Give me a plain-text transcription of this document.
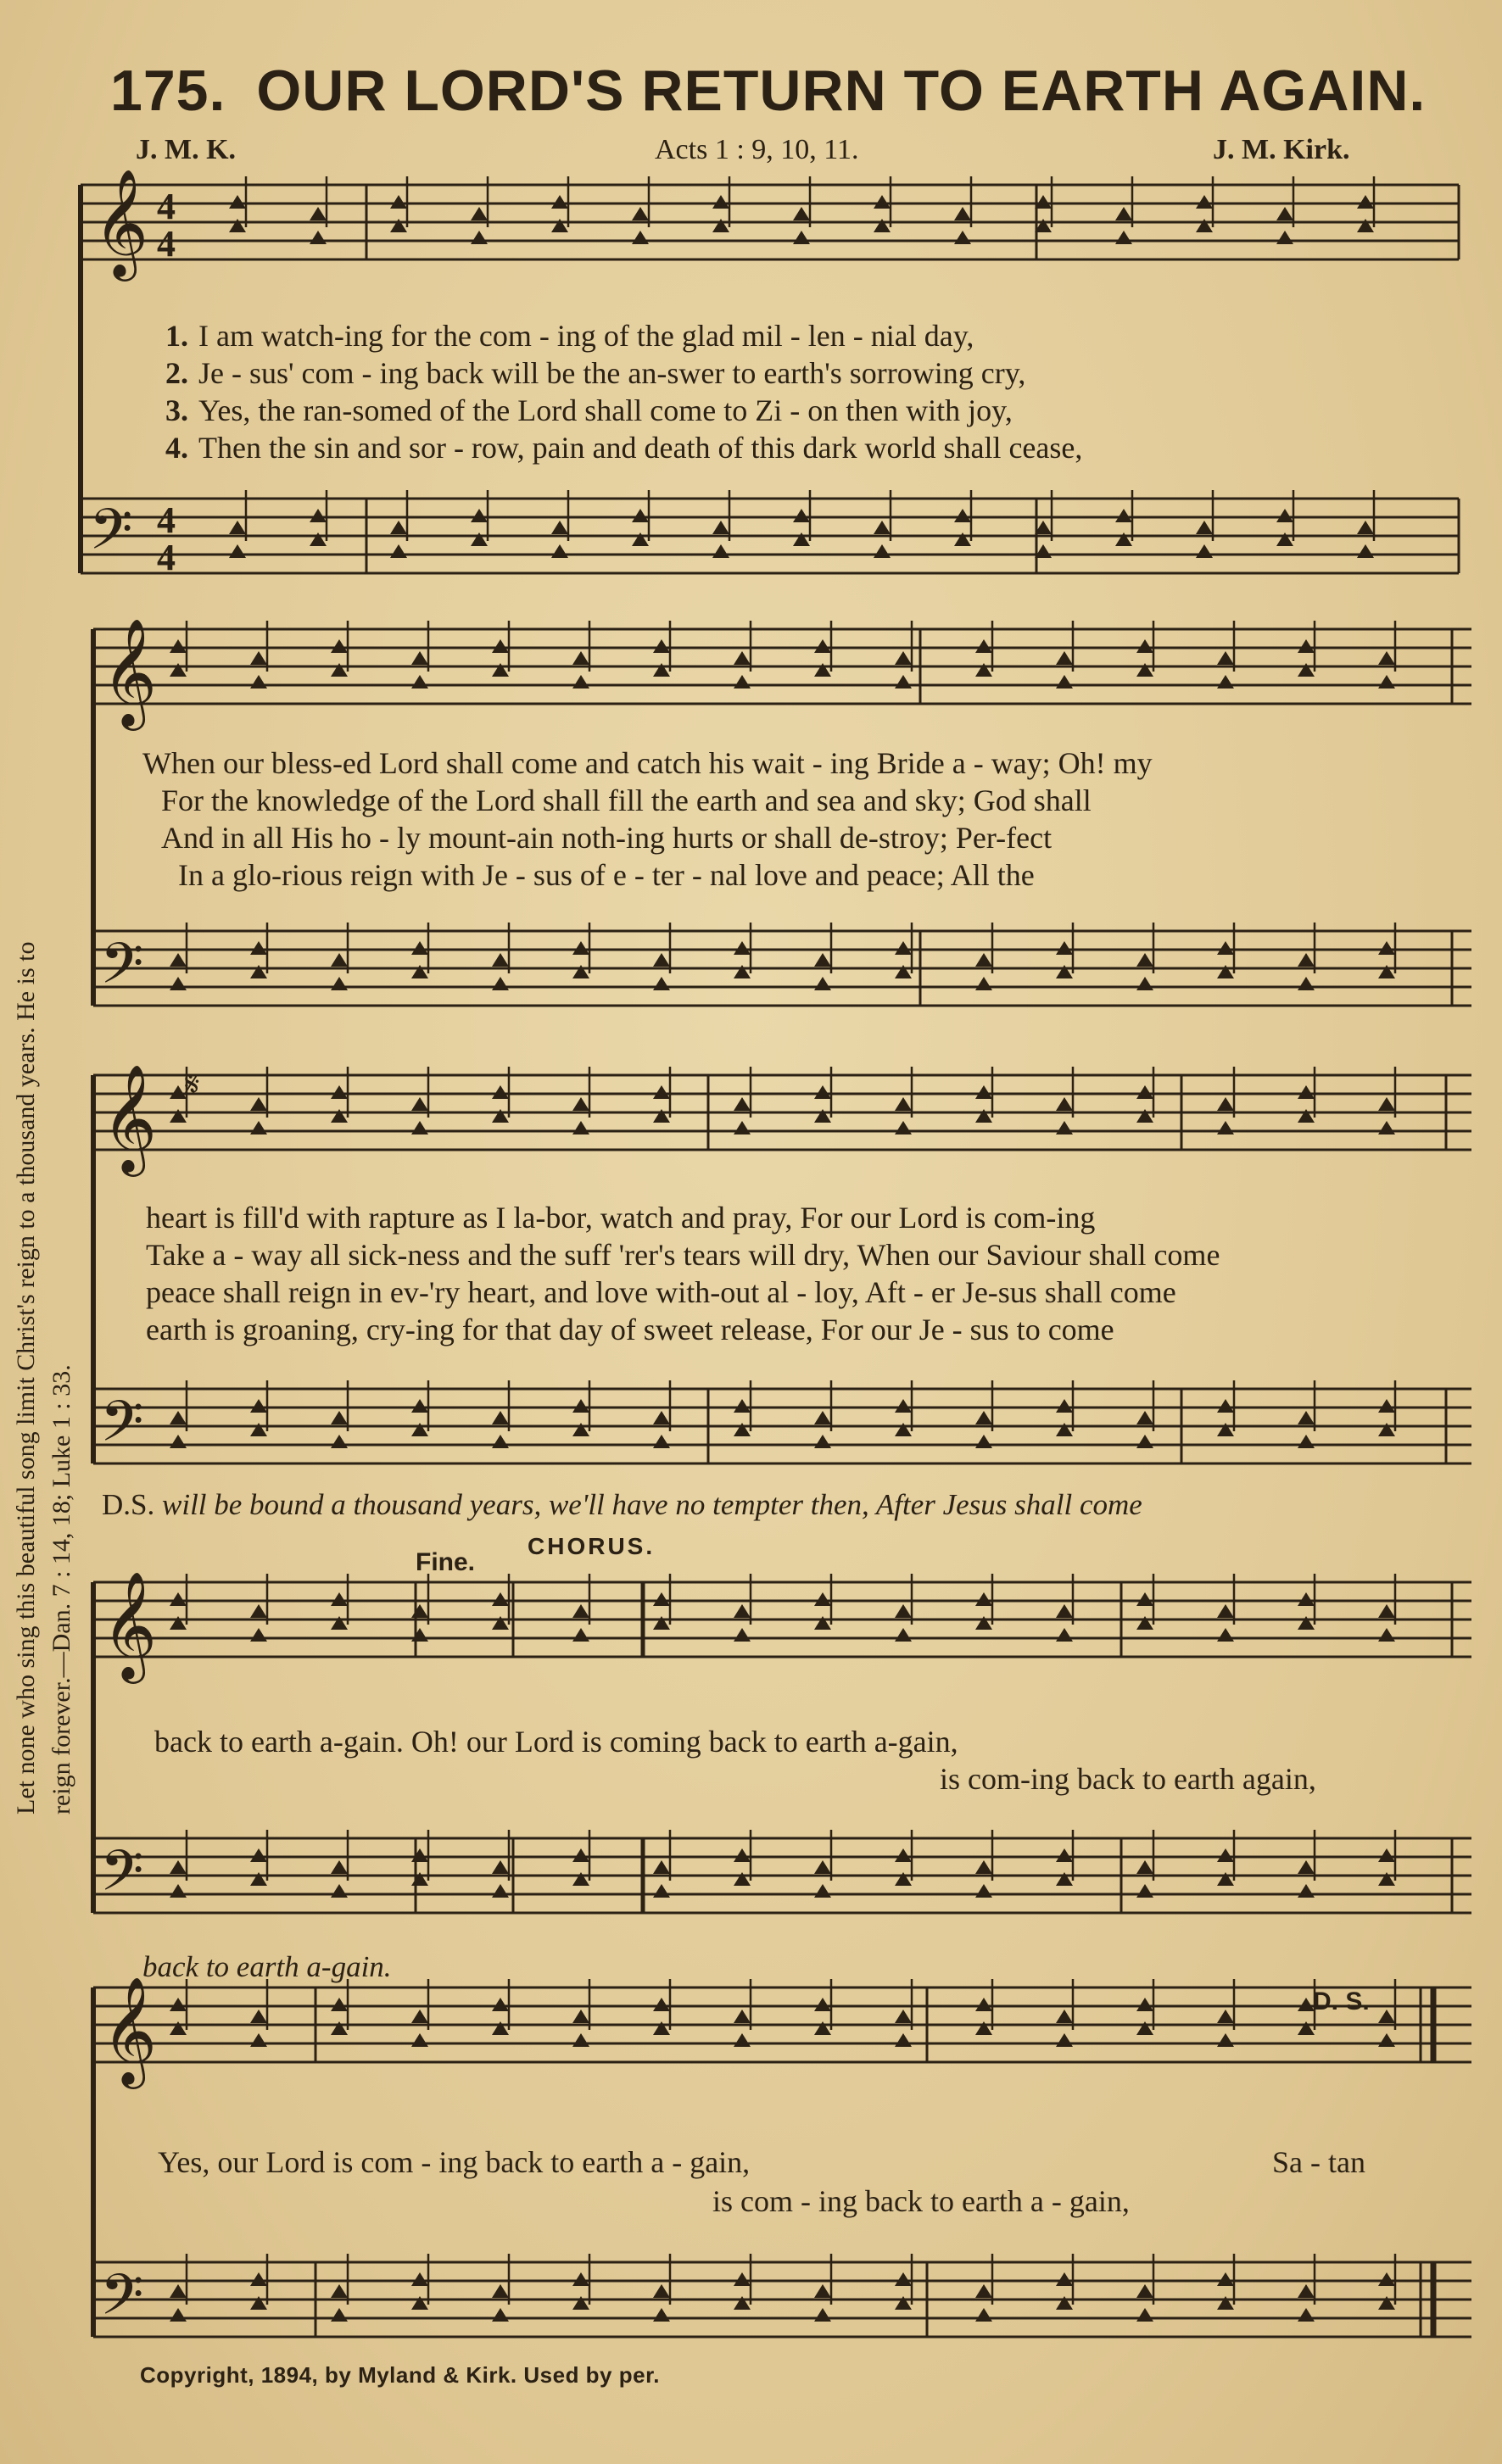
175. OUR LORD'S RETURN TO EARTH AGAIN.
J. M. K.	Acts 1 : 9, 10, 11.	J. M. Kirk.
Let none who sing this beautiful song limit Christ's reign to a thousand years. He is to reign forever.—Dan. 7 : 14, 18; Luke 1 : 33.
𝄞
𝄢
4
4
4
4
𝄞
𝄢
𝄞
𝄢
𝄋
𝄞
𝄢
𝄞
𝄢
1. I am watch-ing for the com - ing of the glad mil - len - nial day,
2. Je - sus' com - ing back will be the an-swer to earth's sorrowing cry,
3. Yes, the ran-somed of the Lord shall come to Zi - on then with joy,
4. Then the sin and sor - row, pain and death of this dark world shall cease,
When our bless-ed Lord shall come and catch his wait - ing Bride a - way; Oh! my
For the knowledge of the Lord shall fill the earth and sea and sky; God shall
And in all His ho - ly mount-ain noth-ing hurts or shall de-stroy; Per-fect
In a glo-rious reign with Je - sus of e - ter - nal love and peace; All the
heart is fill'd with rapture as I la-bor, watch and pray, For our Lord is com-ing
Take a - way all sick-ness and the suff 'rer's tears will dry, When our Saviour shall come
peace shall reign in ev-'ry heart, and love with-out al - loy, Aft - er Je-sus shall come
earth is groaning, cry-ing for that day of sweet release, For our Je - sus to come
D.S. will be bound a thousand years, we'll have no tempter then, After Jesus shall come
CHORUS.
Fine.
back to earth a-gain. Oh! our Lord is coming back to earth a-gain,
is com-ing back to earth again,
back to earth a-gain.
Yes, our Lord is com - ing back to earth a - gain,	Sa - tan
is com - ing back to earth a - gain,
D. S.
Copyright, 1894, by Myland & Kirk. Used by per.
